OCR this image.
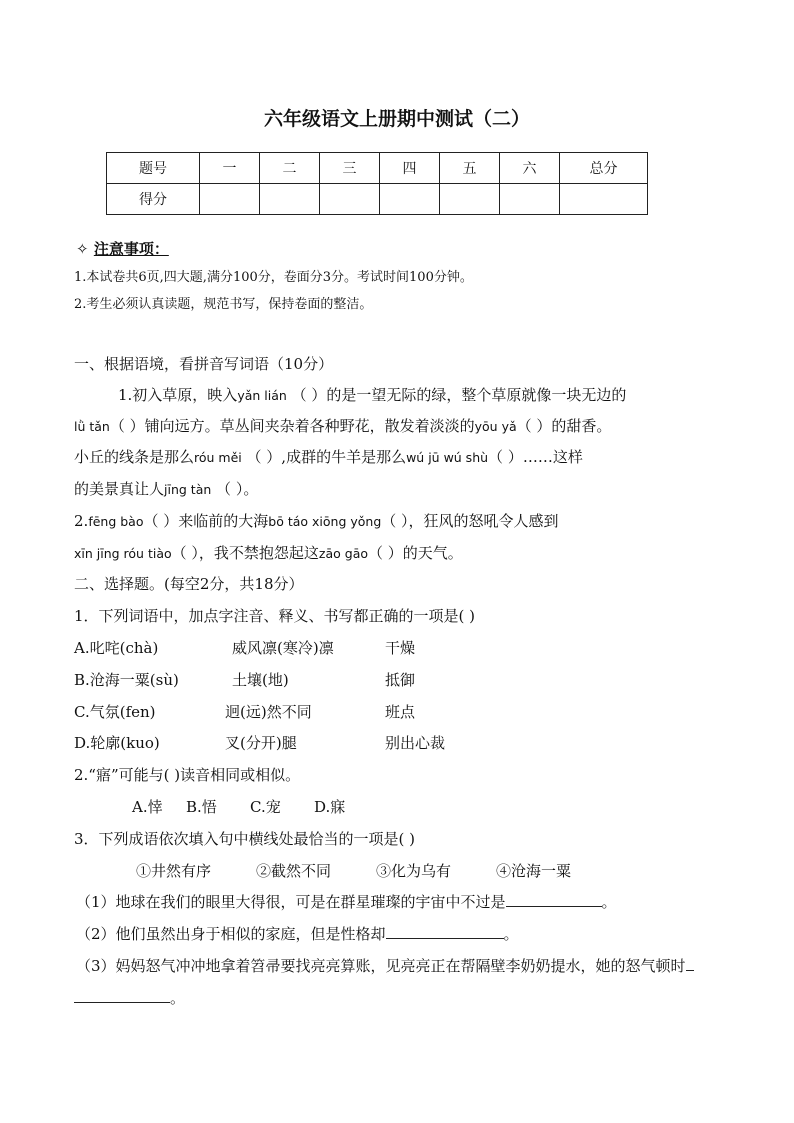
六年级语文上册期中测试（二）
题号	一	二	三	四	五	六	总分
得分							
✧ 注意事项：
1.本试卷共6页,四大题,满分100分，卷面分3分。考试时间100分钟。
2.考生必须认真读题，规范书写，保持卷面的整洁。
一、根据语境，看拼音写词语（10分）
1.初入草原，映入yǎn lián （ ）的是一望无际的绿，整个草原就像一块无边的
lǜ tǎn（ ）铺向远方。草丛间夹杂着各种野花，散发着淡淡的yōu yǎ（ ）的甜香。
小丘的线条是那么róu měi （ ）,成群的牛羊是那么wú jū wú shù（ ）……这样
的美景真让人jīng tàn （ ）。
2.fēng bào（ ）来临前的大海bō táo xiōng yǒng（ ），狂风的怒吼令人感到
xīn jīng róu tiào（ ），我不禁抱怨起这zāo gāo（ ）的天气。
二、选择题。(每空2分，共18分）
1．下列词语中，加点字注音、释义、书写都正确的一项是( )
A.叱咤(chà)	威风凛(寒冷)凛	干燥
B.沧海一粟(sù)	土壤(地)	抵御
C.气氛(fen)	迥(远)然不同	班点
D.轮廓(kuo)	叉(分开)腿	别出心裁
2.“寤”可能与( )读音相同或相似。
A.悻 B.悟 C.宠 D.寐
3．下列成语依次填入句中横线处最恰当的一项是( )
①井然有序	②截然不同	③化为乌有	④沧海一粟
（1）地球在我们的眼里大得很，可是在群星璀璨的宇宙中不过是	。
（2）他们虽然出身于相似的家庭，但是性格却	。
（3）妈妈怒气冲冲地拿着笤帚要找亮亮算账，见亮亮正在帮隔壁李奶奶提水，她的怒气顿时
。
